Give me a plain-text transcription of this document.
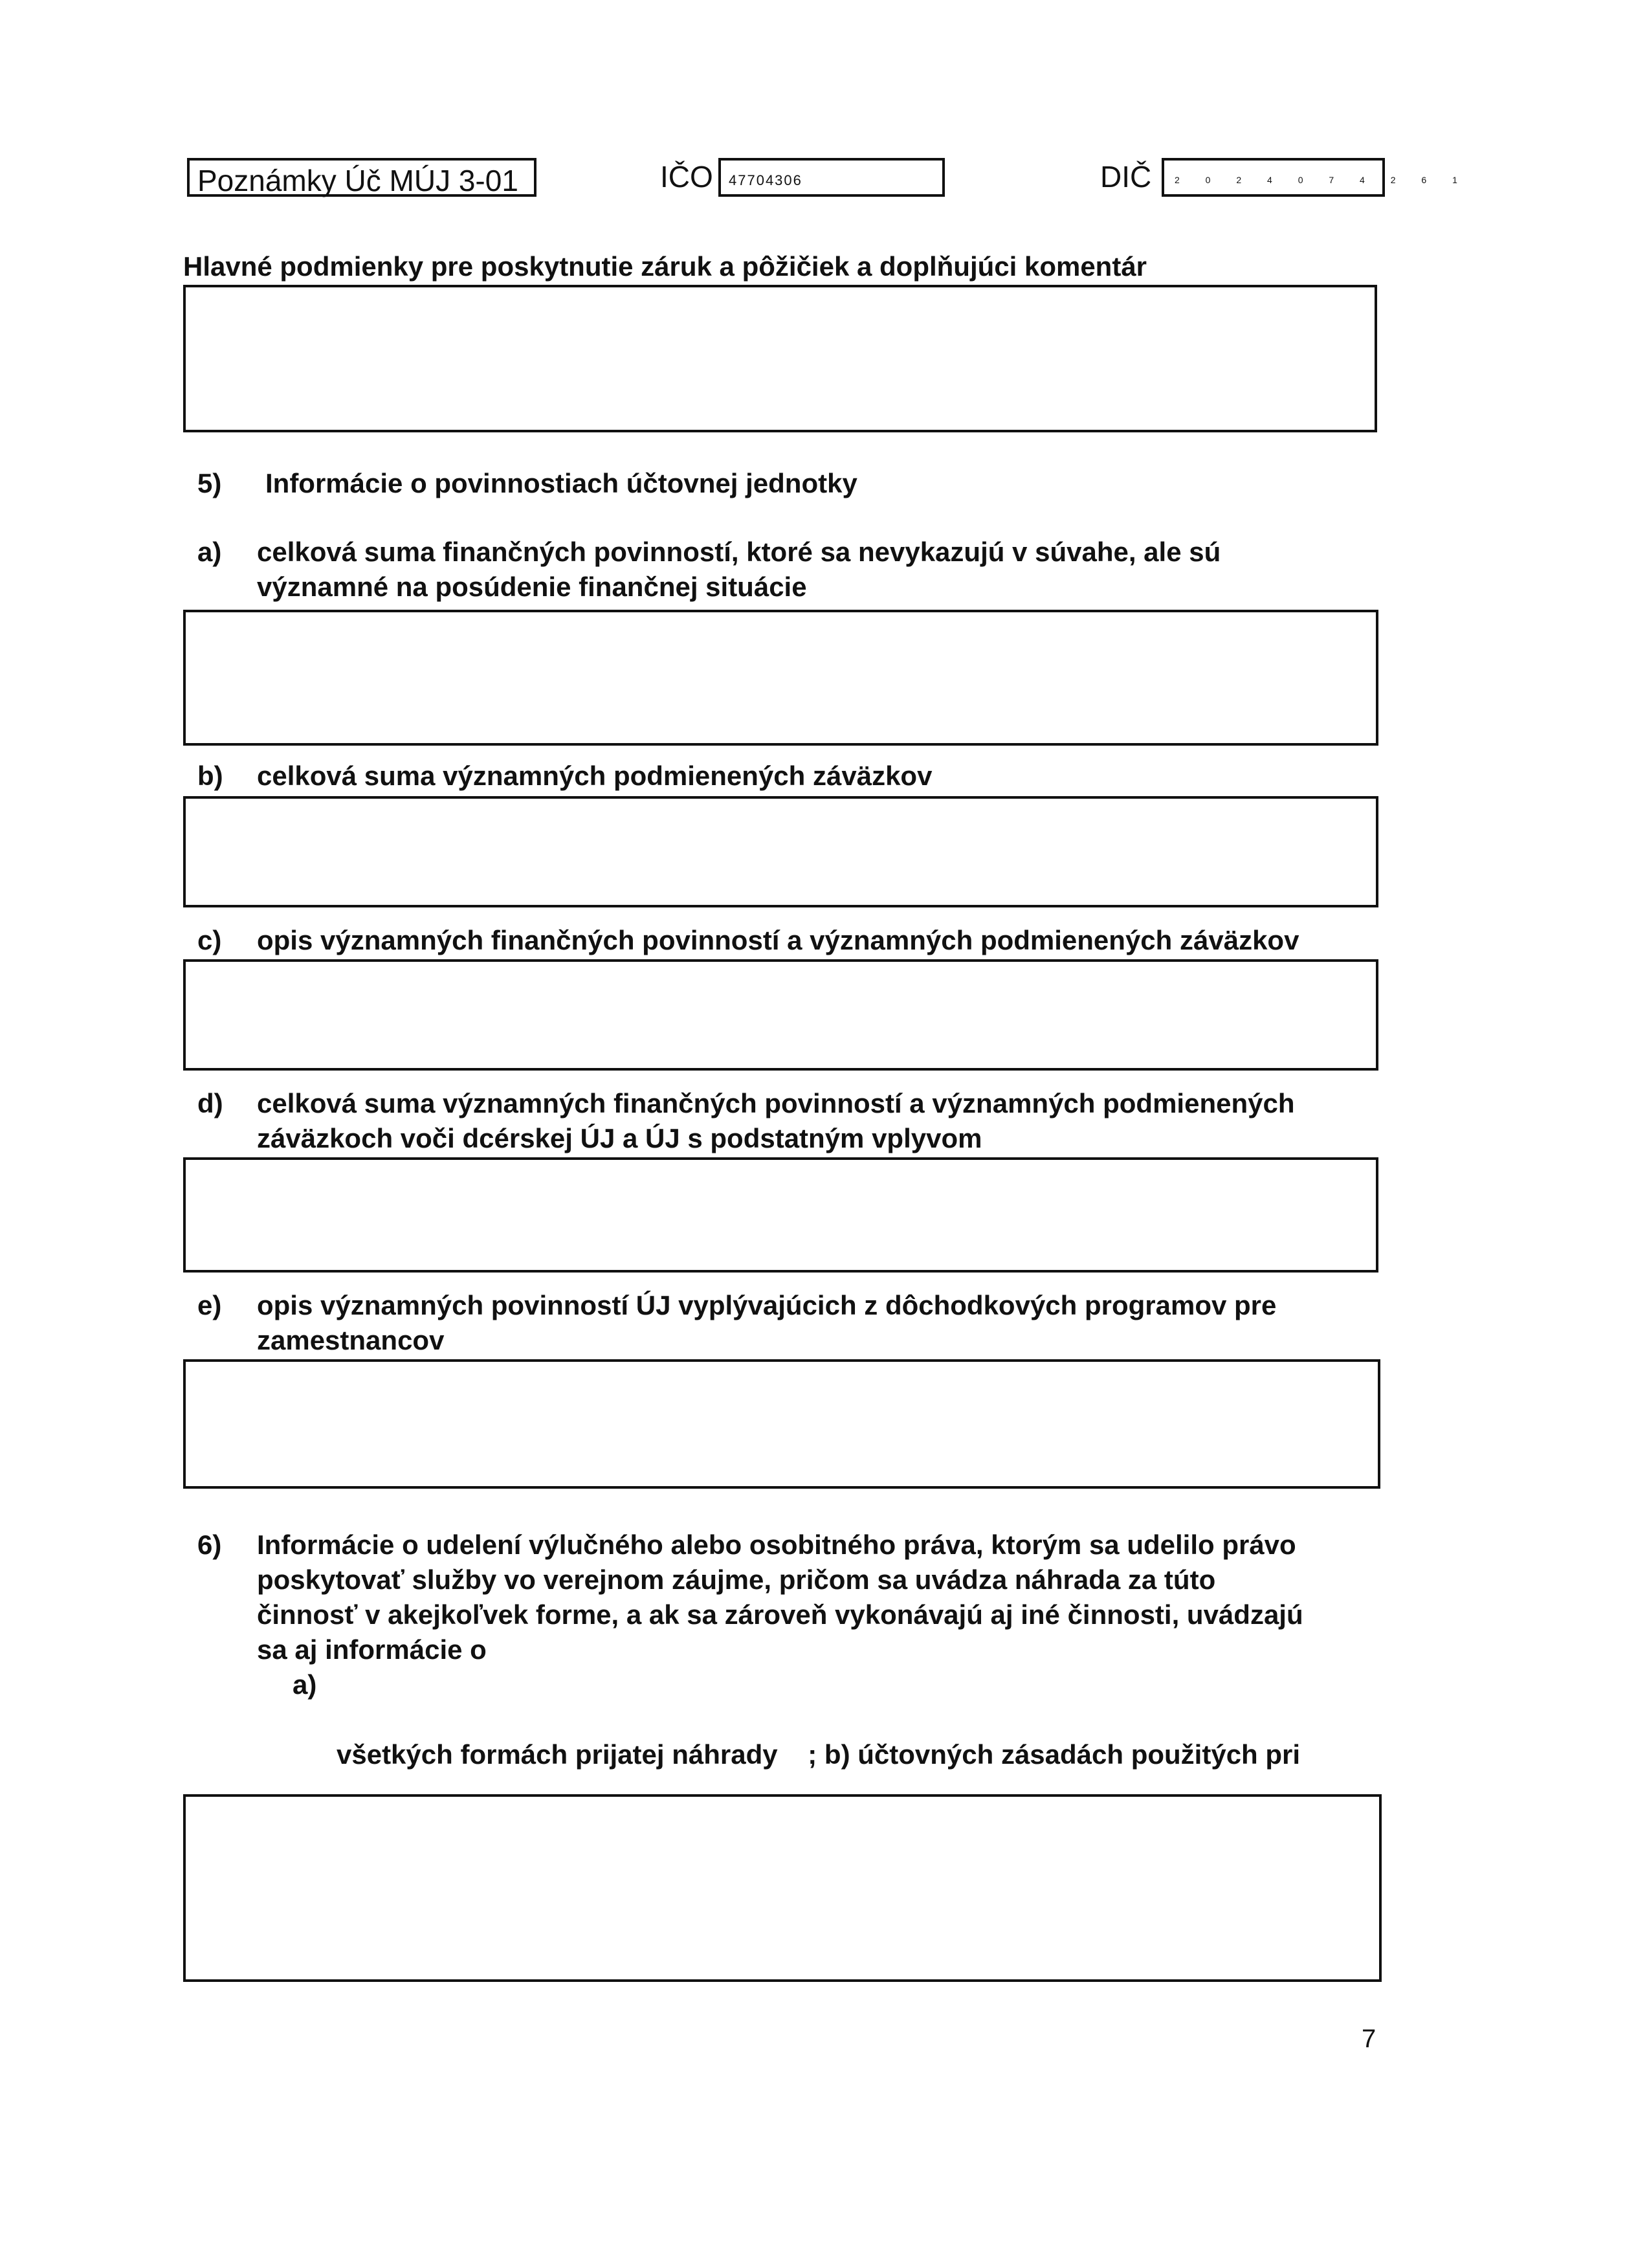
Poznámky Úč MÚJ 3-01	IČO 47704306	DIČ	2 0 2 4 0 7 4 2 6 1
Hlavné podmienky pre poskytnutie záruk a pôžičiek a doplňujúci komentár
5) Informácie o povinnostiach účtovnej jednotky
a) celková suma finančných povinností, ktoré sa nevykazujú v súvahe, ale sú
významné na posúdenie finančnej situácie
b) celková suma významných podmienených záväzkov
c) opis významných finančných povinností a významných podmienených záväzkov
d) celková suma významných finančných povinností a významných podmienených
záväzkoch voči dcérskej ÚJ a ÚJ s podstatným vplyvom
e) opis významných povinností ÚJ vyplývajúcich z dôchodkových programov pre
zamestnancov
6) Informácie o udelení výlučného alebo osobitného práva, ktorým sa udelilo právo
poskytovať služby vo verejnom záujme, pričom sa uvádza náhrada za túto
činnosť v akejkoľvek forme, a ak sa zároveň vykonávajú aj iné činnosti, uvádzajú
sa aj informácie o
a)

všetkých formách prijatej náhrady    ; b) účtovných zásadách použitých pri

7
